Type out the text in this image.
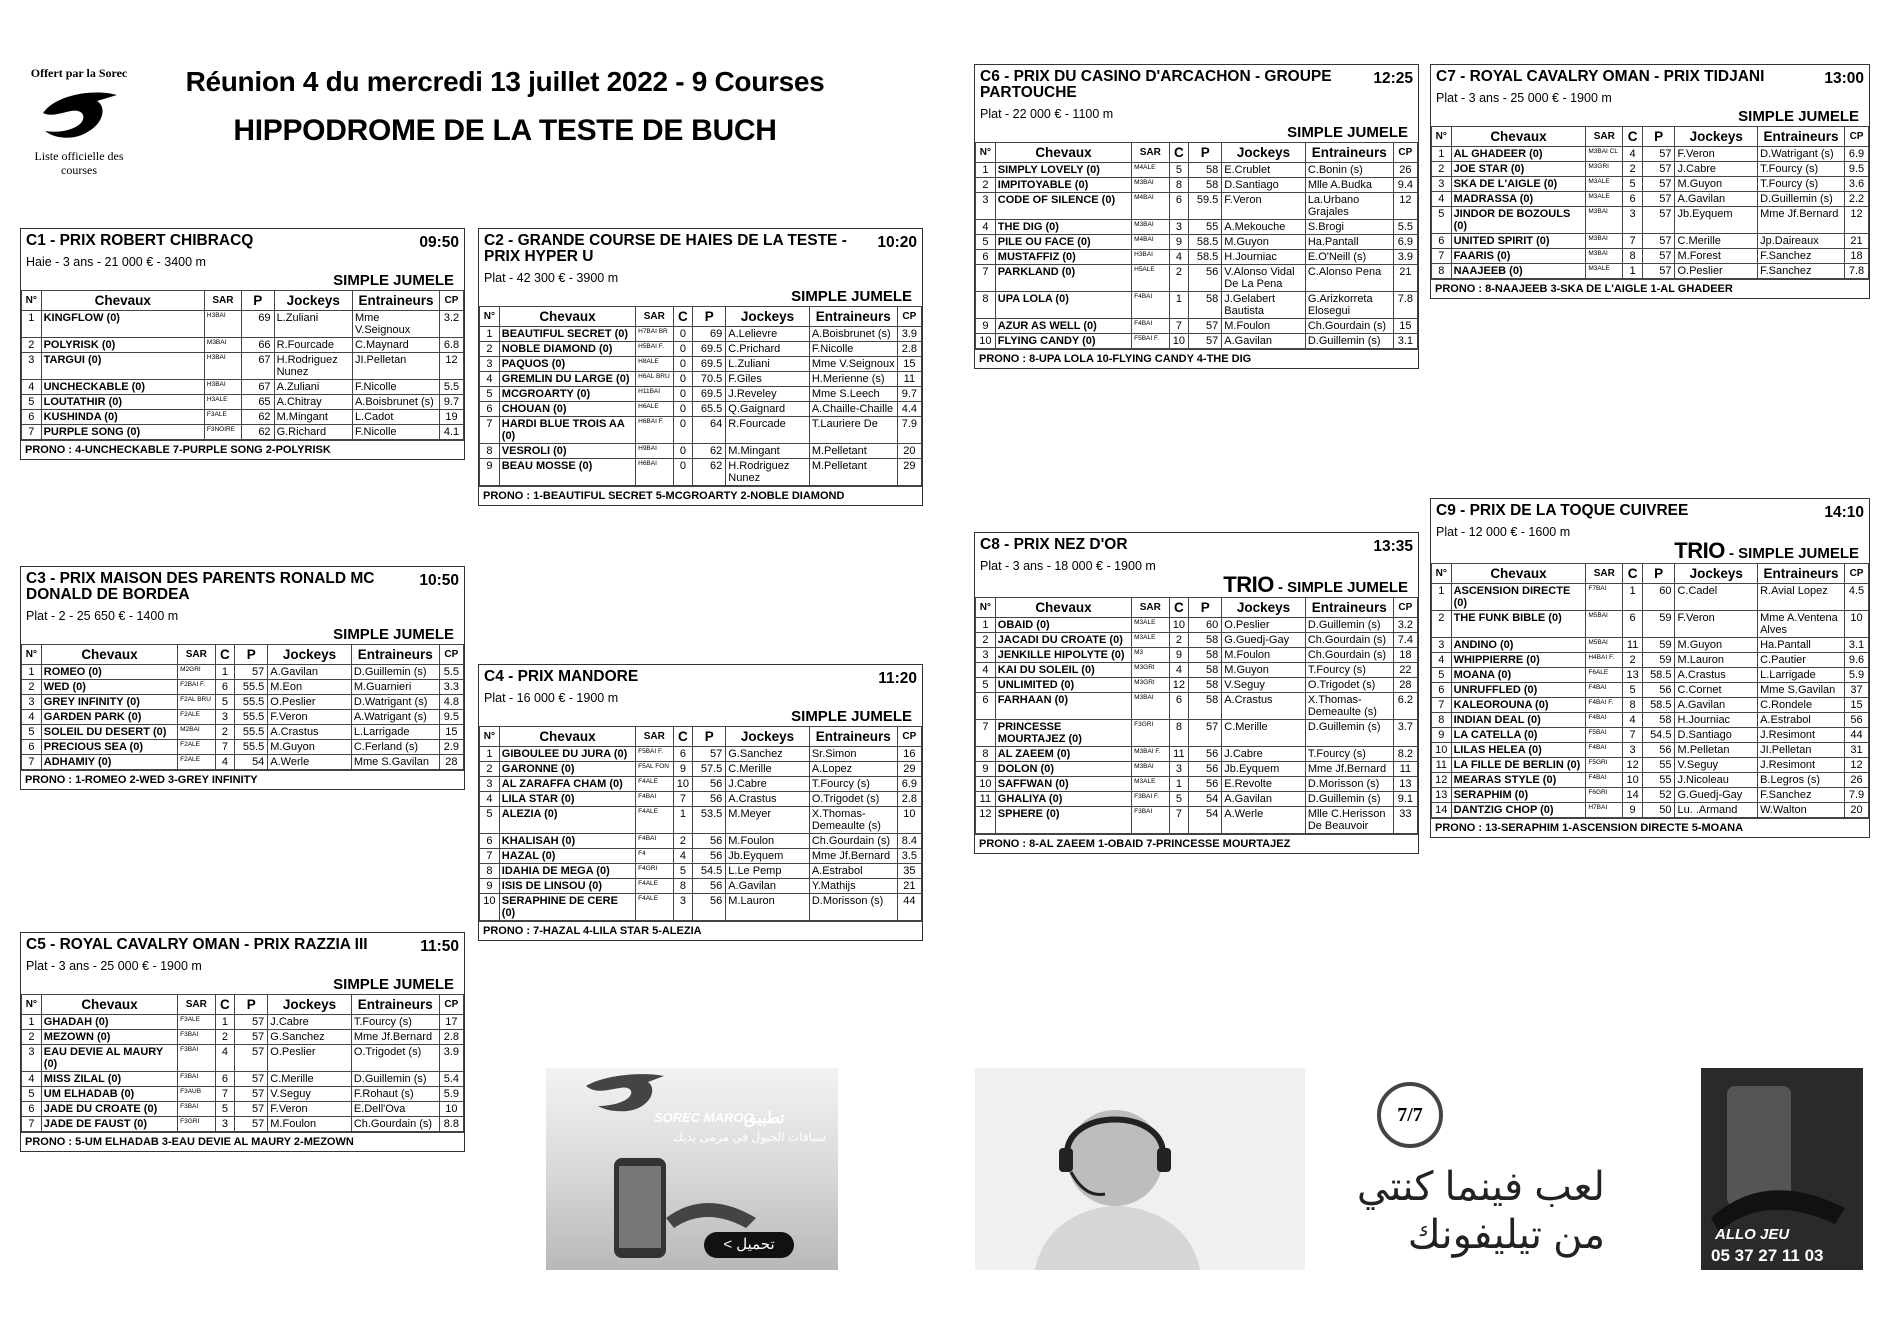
Offert par la Sorec
Liste officielle des courses
Réunion 4 du mercredi 13 juillet 2022 - 9 Courses
HIPPODROME DE LA TESTE DE BUCH
C1 - PRIX ROBERT CHIBRACQ	09:50
Haie - 3 ans - 21 000 € - 3400 m
SIMPLE JUMELE
N°	Chevaux	SAR	P	Jockeys	Entraineurs	CP
1	KINGFLOW (0)	H3BAI	69	L.Zuliani	Mme V.Seignoux	3.2
2	POLYRISK (0)	M3BAI	66	R.Fourcade	C.Maynard	6.8
3	TARGUI (0)	H3BAI	67	H.Rodriguez Nunez	JI.Pelletan	12
4	UNCHECKABLE (0)	H3BAI	67	A.Zuliani	F.Nicolle	5.5
5	LOUTATHIR (0)	H3ALE	65	A.Chitray	A.Boisbrunet (s)	9.7
6	KUSHINDA (0)	F3ALE	62	M.Mingant	L.Cadot	19
7	PURPLE SONG (0)	F3NOIRE	62	G.Richard	F.Nicolle	4.1
PRONO : 4-UNCHECKABLE 7-PURPLE SONG 2-POLYRISK
C2 - GRANDE COURSE DE HAIES DE LA TESTE - PRIX HYPER U
10:20
Plat - 42 300 € - 3900 m
SIMPLE JUMELE
N°	Chevaux	SAR	C	P	Jockeys	Entraineurs	CP
1	BEAUTIFUL SECRET (0)	H7BAI BR	0	69	A.Lelievre	A.Boisbrunet (s)	3.9
2	NOBLE DIAMOND (0)	H5BAI F.	0	69.5	C.Prichard	F.Nicolle	2.8
3	PAQUOS (0)	H8ALE	0	69.5	L.Zuliani	Mme V.Seignoux	15
4	GREMLIN DU LARGE (0)	H6AL BRU	0	70.5	F.Giles	H.Merienne (s)	11
5	MCGROARTY (0)	H11BAI	0	69.5	J.Reveley	Mme S.Leech	9.7
6	CHOUAN (0)	H6ALE	0	65.5	Q.Gaignard	A.Chaille-Chaille	4.4
7	HARDI BLUE TROIS AA (0)	H6BAI F.	0	64	R.Fourcade	T.Lauriere De	7.9
8	VESROLI (0)	H9BAI	0	62	M.Mingant	M.Pelletant	20
9	BEAU MOSSE (0)	H6BAI	0	62	H.Rodriguez Nunez	M.Pelletant	29
PRONO : 1-BEAUTIFUL SECRET 5-MCGROARTY 2-NOBLE DIAMOND
C3 - PRIX MAISON DES PARENTS RONALD MC DONALD DE BORDEA
10:50
Plat - 2 - 25 650 € - 1400 m
SIMPLE JUMELE
N°	Chevaux	SAR	C	P	Jockeys	Entraineurs	CP
1	ROMEO (0)	M2GRI	1	57	A.Gavilan	D.Guillemin (s)	5.5
2	WED (0)	F2BAI F.	6	55.5	M.Eon	M.Guarnieri	3.3
3	GREY INFINITY (0)	F2AL BRU	5	55.5	O.Peslier	D.Watrigant (s)	4.8
4	GARDEN PARK (0)	F2ALE	3	55.5	F.Veron	A.Watrigant (s)	9.5
5	SOLEIL DU DESERT (0)	M2BAI	2	55.5	A.Crastus	L.Larrigade	15
6	PRECIOUS SEA (0)	F2ALE	7	55.5	M.Guyon	C.Ferland (s)	2.9
7	ADHAMIY (0)	F2ALE	4	54	A.Werle	Mme S.Gavilan	28
PRONO : 1-ROMEO 2-WED 3-GREY INFINITY
C4 - PRIX MANDORE	11:20
Plat - 16 000 € - 1900 m
SIMPLE JUMELE
N°	Chevaux	SAR	C	P	Jockeys	Entraineurs	CP
1	GIBOULEE DU JURA (0)	F5BAI F.	6	57	G.Sanchez	Sr.Simon	16
2	GARONNE (0)	F5AL FON	9	57.5	C.Merille	A.Lopez	29
3	AL ZARAFFA CHAM (0)	F4ALE	10	56	J.Cabre	T.Fourcy (s)	6.9
4	LILA STAR (0)	F4BAI	7	56	A.Crastus	O.Trigodet (s)	2.8
5	ALEZIA (0)	F4ALE	1	53.5	M.Meyer	X.Thomas-Demeaulte (s)	10
6	KHALISAH (0)	F4BAI	2	56	M.Foulon	Ch.Gourdain (s)	8.4
7	HAZAL (0)	F4	4	56	Jb.Eyquem	Mme Jf.Bernard	3.5
8	IDAHIA DE MEGA (0)	F4GRI	5	54.5	L.Le Pemp	A.Estrabol	35
9	ISIS DE LINSOU (0)	F4ALE	8	56	A.Gavilan	Y.Mathijs	21
10	SERAPHINE DE CERE (0)	F4ALE	3	56	M.Lauron	D.Morisson (s)	44
PRONO : 7-HAZAL 4-LILA STAR 5-ALEZIA
C5 - ROYAL CAVALRY OMAN - PRIX RAZZIA III	11:50
Plat - 3 ans - 25 000 € - 1900 m
SIMPLE JUMELE
N°	Chevaux	SAR	C	P	Jockeys	Entraineurs	CP
1	GHADAH (0)	F3ALE	1	57	J.Cabre	T.Fourcy (s)	17
2	MEZOWN (0)	F3BAI	2	57	G.Sanchez	Mme Jf.Bernard	2.8
3	EAU DEVIE AL MAURY (0)	F3BAI	4	57	O.Peslier	O.Trigodet (s)	3.9
4	MISS ZILAL (0)	F3BAI	6	57	C.Merille	D.Guillemin (s)	5.4
5	UM ELHADAB (0)	F3AUB	7	57	V.Seguy	F.Rohaut (s)	5.9
6	JADE DU CROATE (0)	F3BAI	5	57	F.Veron	E.Dell'Ova	10
7	JADE DE FAUST (0)	F3GRI	3	57	M.Foulon	Ch.Gourdain (s)	8.8
PRONO : 5-UM ELHADAB 3-EAU DEVIE AL MAURY 2-MEZOWN
C6 - PRIX DU CASINO D'ARCACHON - GROUPE PARTOUCHE
12:25
Plat - 22 000 € - 1100 m
SIMPLE JUMELE
N°	Chevaux	SAR	C	P	Jockeys	Entraineurs	CP
1	SIMPLY LOVELY (0)	M4ALE	5	58	E.Crublet	C.Bonin (s)	26
2	IMPITOYABLE (0)	M3BAI	8	58	D.Santiago	Mlle A.Budka	9.4
3	CODE OF SILENCE (0)	M4BAI	6	59.5	F.Veron	La.Urbano Grajales	12
4	THE DIG (0)	M3BAI	3	55	A.Mekouche	S.Brogi	5.5
5	PILE OU FACE (0)	M4BAI	9	58.5	M.Guyon	Ha.Pantall	6.9
6	MUSTAFFIZ (0)	H3BAI	4	58.5	H.Journiac	E.O'Neill (s)	3.9
7	PARKLAND (0)	H5ALE	2	56	V.Alonso Vidal De La Pena	C.Alonso Pena	21
8	UPA LOLA (0)	F4BAI	1	58	J.Gelabert Bautista	G.Arizkorreta Elosegui	7.8
9	AZUR AS WELL (0)	F4BAI	7	57	M.Foulon	Ch.Gourdain (s)	15
10	FLYING CANDY (0)	F5BAI F.	10	57	A.Gavilan	D.Guillemin (s)	3.1
PRONO : 8-UPA LOLA 10-FLYING CANDY 4-THE DIG
C7 - ROYAL CAVALRY OMAN - PRIX TIDJANI	13:00
Plat - 3 ans - 25 000 € - 1900 m
SIMPLE JUMELE
N°	Chevaux	SAR	C	P	Jockeys	Entraineurs	CP
1	AL GHADEER (0)	M3BAI CL	4	57	F.Veron	D.Watrigant (s)	6.9
2	JOE STAR (0)	M3GRI	2	57	J.Cabre	T.Fourcy (s)	9.5
3	SKA DE L'AIGLE (0)	M3ALE	5	57	M.Guyon	T.Fourcy (s)	3.6
4	MADRASSA (0)	M3ALE	6	57	A.Gavilan	D.Guillemin (s)	2.2
5	JINDOR DE BOZOULS (0)	M3BAI	3	57	Jb.Eyquem	Mme Jf.Bernard	12
6	UNITED SPIRIT (0)	M3BAI	7	57	C.Merille	Jp.Daireaux	21
7	FAARIS (0)	M3BAI	8	57	M.Forest	F.Sanchez	18
8	NAAJEEB (0)	M3ALE	1	57	O.Peslier	F.Sanchez	7.8
PRONO : 8-NAAJEEB 3-SKA DE L'AIGLE 1-AL GHADEER
C8 - PRIX NEZ D'OR	13:35
Plat - 3 ans - 18 000 € - 1900 m
TRIO - SIMPLE JUMELE
N°	Chevaux	SAR	C	P	Jockeys	Entraineurs	CP
1	OBAID (0)	M3ALE	10	60	O.Peslier	D.Guillemin (s)	3.2
2	JACADI DU CROATE (0)	M3ALE	2	58	G.Guedj-Gay	Ch.Gourdain (s)	7.4
3	JENKILLE HIPOLYTE (0)	M3	9	58	M.Foulon	Ch.Gourdain (s)	18
4	KAI DU SOLEIL (0)	M3GRI	4	58	M.Guyon	T.Fourcy (s)	22
5	UNLIMITED (0)	M3GRI	12	58	V.Seguy	O.Trigodet (s)	28
6	FARHAAN (0)	M3BAI	6	58	A.Crastus	X.Thomas-Demeaulte (s)	6.2
7	PRINCESSE MOURTAJEZ (0)	F3GRI	8	57	C.Merille	D.Guillemin (s)	3.7
8	AL ZAEEM (0)	M3BAI F.	11	56	J.Cabre	T.Fourcy (s)	8.2
9	DOLON (0)	M3BAI	3	56	Jb.Eyquem	Mme Jf.Bernard	11
10	SAFFWAN (0)	M3ALE	1	56	E.Revolte	D.Morisson (s)	13
11	GHALIYA (0)	F3BAI F.	5	54	A.Gavilan	D.Guillemin (s)	9.1
12	SPHERE (0)	F3BAI	7	54	A.Werle	Mlle C.Herisson De Beauvoir	33
PRONO : 8-AL ZAEEM 1-OBAID 7-PRINCESSE MOURTAJEZ
C9 - PRIX DE LA TOQUE CUIVREE	14:10
Plat - 12 000 € - 1600 m
TRIO - SIMPLE JUMELE
N°	Chevaux	SAR	C	P	Jockeys	Entraineurs	CP
1	ASCENSION DIRECTE (0)	F7BAI	1	60	C.Cadel	R.Avial Lopez	4.5
2	THE FUNK BIBLE (0)	M5BAI	6	59	F.Veron	Mme A.Ventena Alves	10
3	ANDINO (0)	M5BAI	11	59	M.Guyon	Ha.Pantall	3.1
4	WHIPPIERRE (0)	H4BAI F.	2	59	M.Lauron	C.Pautier	9.6
5	MOANA (0)	F6ALE	13	58.5	A.Crastus	L.Larrigade	5.9
6	UNRUFFLED (0)	F4BAI	5	56	C.Cornet	Mme S.Gavilan	37
7	KALEOROUNA (0)	F4BAI F.	8	58.5	A.Gavilan	C.Rondele	15
8	INDIAN DEAL (0)	F4BAI	4	58	H.Journiac	A.Estrabol	56
9	LA CATELLA (0)	F5BAI	7	54.5	D.Santiago	J.Resimont	44
10	LILAS HELEA (0)	F4BAI	3	56	M.Pelletan	JI.Pelletan	31
11	LA FILLE DE BERLIN (0)	F5GRI	12	55	V.Seguy	J.Resimont	12
12	MEARAS STYLE (0)	F4BAI	10	55	J.Nicoleau	B.Legros (s)	26
13	SERAPHIM (0)	F6GRI	14	52	G.Guedj-Gay	F.Sanchez	7.9
14	DANTZIG CHOP (0)	H7BAI	9	50	Lu. .Armand	W.Walton	20
PRONO : 13-SERAPHIM 1-ASCENSION DIRECTE 5-MOANA
SOREC MAROC
تطبيق
سباقات الخيول في مرمى يديك
< تحميل
7/7
لعب فينما كنتي
من تيليفونك	ALLO JEU
05 37 27 11 03
